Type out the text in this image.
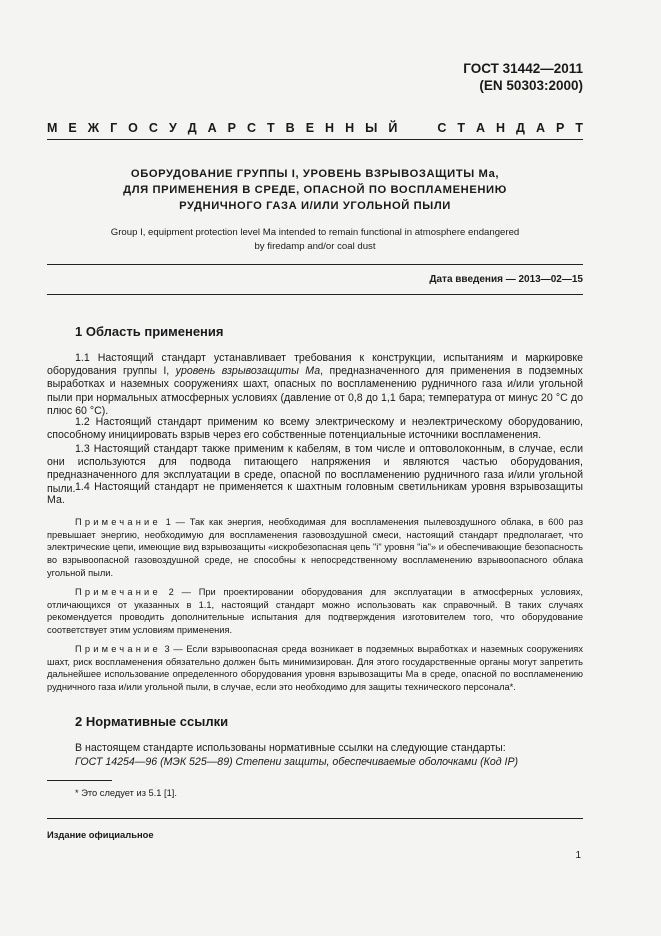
ГОСТ 31442—2011
(EN 50303:2000)
М Е Ж Г О С У Д А Р С Т В Е Н Н Ы Й

	С Т А Н Д А Р Т
ОБОРУДОВАНИЕ ГРУППЫ I, УРОВЕНЬ ВЗРЫВОЗАЩИТЫ Ма,
ДЛЯ ПРИМЕНЕНИЯ В СРЕДЕ, ОПАСНОЙ ПО ВОСПЛАМЕНЕНИЮ
РУДНИЧНОГО ГАЗА И/ИЛИ УГОЛЬНОЙ ПЫЛИ
Group I, equipment protection level Ma intended to remain functional in atmosphere endangered
by firedamp and/or coal dust
Дата введения — 2013—02—15
1 Область применения

1.1 Настоящий стандарт устанавливает требования к конструкции, испытаниям и маркировке оборудования группы I, уровень взрывозащиты Ма, предназначенного для применения в подземных выработках и наземных сооружениях шахт, опасных по воспламенению рудничного газа и/или угольной пыли при нормальных атмосферных условиях (давление от 0,8 до 1,1 бара; температура от минус 20 °С до плюс 60 °С).

1.2 Настоящий стандарт применим ко всему электрическому и неэлектрическому оборудованию, способному инициировать взрыв через его собственные потенциальные источники воспламенения.

1.3 Настоящий стандарт также применим к кабелям, в том числе и оптоволоконным, в случае, если они используются для подвода питающего напряжения и являются частью оборудования, предназначенного для эксплуатации в среде, опасной по воспламенению рудничного газа и/или угольной пыли. 1.4 Настоящий стандарт не применяется к шахтным головным светильникам уровня взрывозащиты Ма.

Примечание 1 — Так как энергия, необходимая для воспламенения пылевоздушного облака, в 600 раз превышает энергию, необходимую для воспламенения газовоздушной смеси, настоящий стандарт предполагает, что электрические цепи, имеющие вид взрывозащиты «искробезопасная цепь "i" уровня "ia"» и обеспечивающие безопасность во взрывоопасной газовоздушной среде, не способны к непосредственному воспламенению взрывоопасного облака угольной пыли.

Примечание 2 — При проектировании оборудования для эксплуатации в атмосферных условиях, отличающихся от указанных в 1.1, настоящий стандарт можно использовать как справочный. В таких случаях рекомендуется проводить дополнительные испытания для подтверждения изготовителем того, что оборудование соответствует этим условиям применения.

Примечание 3 — Если взрывоопасная среда возникает в подземных выработках и наземных сооружениях шахт, риск воспламенения обязательно должен быть минимизирован. Для этого государственные органы могут запретить дальнейшее использование определенного оборудования уровня взрывозащиты Ма в среде, опасной по воспламенению рудничного газа и/или угольной пыли, в случае, если это необходимо для защиты технического персонала*.

2 Нормативные ссылки
В настоящем стандарте использованы нормативные ссылки на следующие стандарты:
ГОСТ 14254—96 (МЭК 525—89) Степени защиты, обеспечиваемые оболочками (Код IP)
* Это следует из 5.1 [1].
Издание официальное
1
